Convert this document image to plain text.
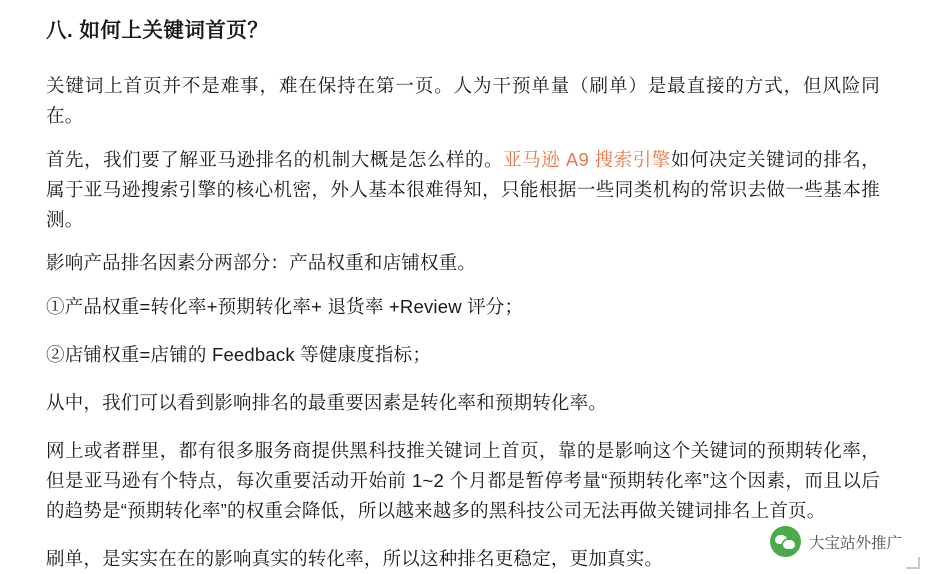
八. 如何上关键词首页？

关键词上首页并不是难事，难在保持在第一页。人为干预单量（刷单）是最直接的方式，但风险同在。

首先，我们要了解亚马逊排名的机制大概是怎么样的。亚马逊 A9 搜索引擎如何决定关键词的排名，属于亚马逊搜索引擎的核心机密，外人基本很难得知，只能根据一些同类机构的常识去做一些基本推测。

影响产品排名因素分两部分：产品权重和店铺权重。

①产品权重=转化率+预期转化率+ 退货率 +Review 评分；

②店铺权重=店铺的 Feedback 等健康度指标；

从中，我们可以看到影响排名的最重要因素是转化率和预期转化率。

网上或者群里，都有很多服务商提供黑科技推关键词上首页，靠的是影响这个关键词的预期转化率，但是亚马逊有个特点，每次重要活动开始前 1~2 个月都是暂停考量“预期转化率”这个因素，而且以后的趋势是“预期转化率”的权重会降低，所以越来越多的黑科技公司无法再做关键词排名上首页。

刷单，是实实在在的影响真实的转化率，所以这种排名更稳定，更加真实。

大宝站外推广
